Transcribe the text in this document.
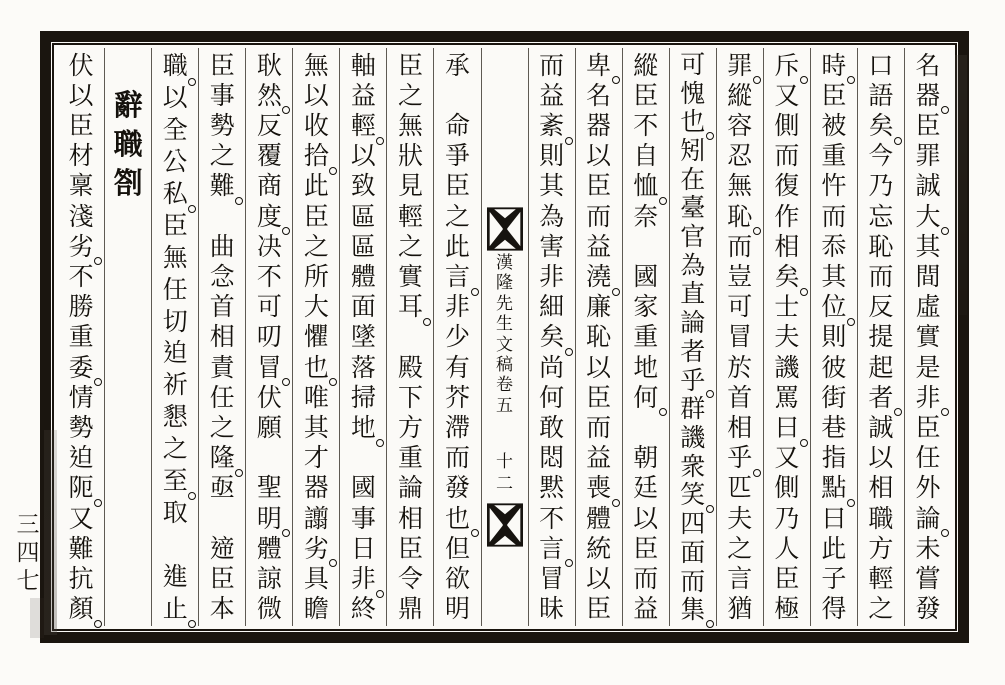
名
器
臣
罪
誠
大
其
間
虛
實
是
非
臣
任
外
論
未
嘗
發
口
語
矣
今
乃
忘
恥
而
反
提
起
者
誠
以
相
職
方
輕
之
時
臣
被
重
忤
而
忝
其
位
則
彼
街
巷
指
點
曰
此
子
得
斥
又
側
而
復
作
相
矣
士
夫
譏
罵
曰
又
側
乃
人
臣
極
罪
縱
容
忍
無
恥
而
豈
可
冒
於
首
相
乎
匹
夫
之
言
猶
可
愧
也
矧
在
臺
官
為
直
論
者
乎
群
譏
衆
笑
四
面
而
集
縱
臣
不
自
恤
奈
國
家
重
地
何
朝
廷
以
臣
而
益
卑
名
器
以
臣
而
益
澆
廉
恥
以
臣
而
益
喪
體
統
以
臣
而
益
紊
則
其
為
害
非
細
矣
尚
何
敢
悶
黙
不
言
冒
昧
漢隆先生文稿卷五
十二
承
命
爭
臣
之
此
言
非
少
有
芥
滯
而
發
也
但
欲
明
臣
之
無
狀
見
輕
之
實
耳
殿
下
方
重
論
相
臣
令
鼎
軸
益
輕
以
致
區
區
體
面
墜
落
掃
地
國
事
日
非
終
無
以
收
拾
此
臣
之
所
大
懼
也
唯
其
才
器
譾
劣
具
瞻
耿
然
反
覆
商
度
决
不
可
叨
冒
伏
願
聖
明
體
諒
微
臣
事
勢
之
難
曲
念
首
相
責
任
之
隆
亟
遆
臣
本
職
以
全
公
私
臣
無
任
切
迫
祈
懇
之
至
取
進
止
辭
職
劄
伏
以
臣
材
稟
淺
劣
不
勝
重
委
情
勢
迫
阨
又
難
抗
顏
三四七
